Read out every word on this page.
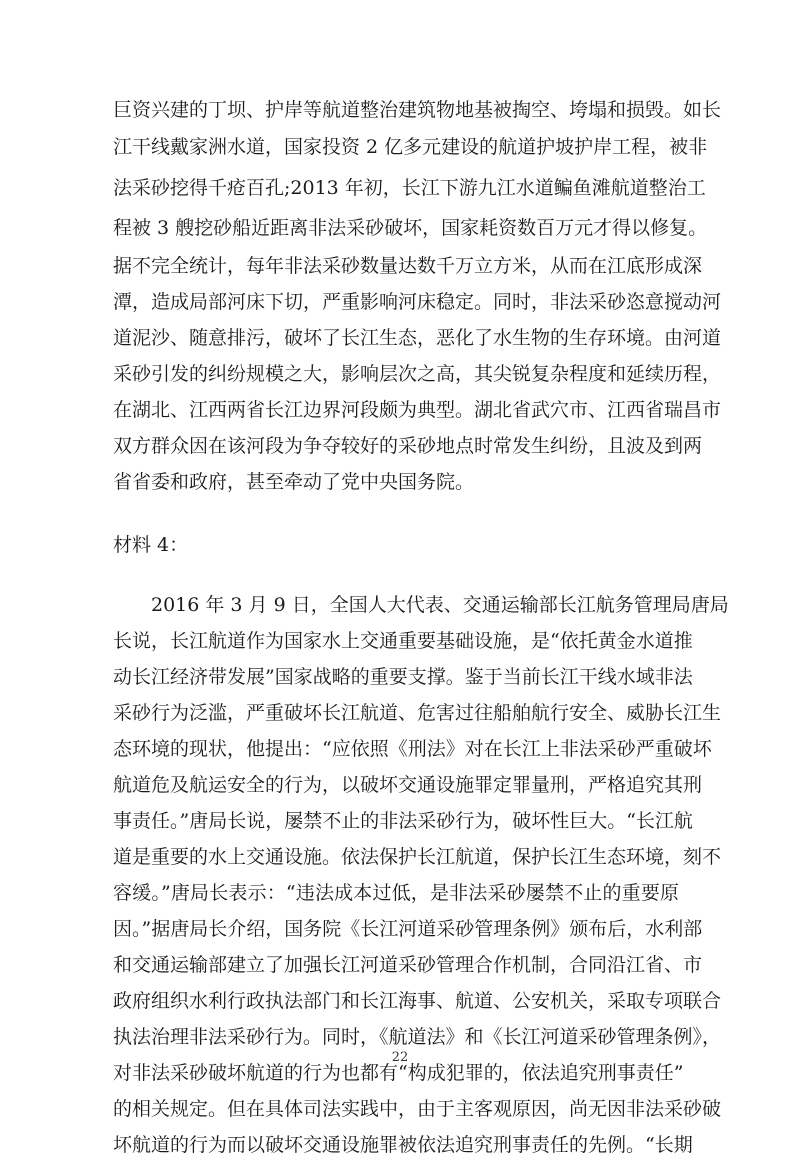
巨资兴建的丁坝、护岸等航道整治建筑物地基被掏空、垮塌和损毁。如长
江干线戴家洲水道，国家投资 2 亿多元建设的航道护坡护岸工程，被非
法采砂挖得千疮百孔;2013 年初，长江下游九江水道鳊鱼滩航道整治工
程被 3 艘挖砂船近距离非法采砂破坏，国家耗资数百万元才得以修复。
据不完全统计，每年非法采砂数量达数千万立方米，从而在江底形成深
潭，造成局部河床下切，严重影响河床稳定。同时，非法采砂恣意搅动河
道泥沙、随意排污，破坏了长江生态，恶化了水生物的生存环境。由河道
采砂引发的纠纷规模之大，影响层次之高，其尖锐复杂程度和延续历程，
在湖北、江西两省长江边界河段颇为典型。湖北省武穴市、江西省瑞昌市
双方群众因在该河段为争夺较好的采砂地点时常发生纠纷，且波及到两
省省委和政府，甚至牵动了党中央国务院。
材料 4：
2016 年 3 月 9 日，全国人大代表、交通运输部长江航务管理局唐局
长说，长江航道作为国家水上交通重要基础设施，是“依托黄金水道推
动长江经济带发展”国家战略的重要支撑。鉴于当前长江干线水域非法
采砂行为泛滥，严重破坏长江航道、危害过往船舶航行安全、威胁长江生
态环境的现状，他提出：“应依照《刑法》对在长江上非法采砂严重破坏
航道危及航运安全的行为，以破坏交通设施罪定罪量刑，严格追究其刑
事责任。”唐局长说，屡禁不止的非法采砂行为，破坏性巨大。“长江航
道是重要的水上交通设施。依法保护长江航道，保护长江生态环境，刻不
容缓。”唐局长表示：“违法成本过低，是非法采砂屡禁不止的重要原
因。”据唐局长介绍，国务院《长江河道采砂管理条例》颁布后，水利部
和交通运输部建立了加强长江河道采砂管理合作机制，合同沿江省、市
政府组织水利行政执法部门和长江海事、航道、公安机关，采取专项联合
执法治理非法采砂行为。同时，《航道法》和《长江河道采砂管理条例》，
对非法采砂破坏航道的行为也都有“构成犯罪的，依法追究刑事责任”
的相关规定。但在具体司法实践中，由于主客观原因，尚无因非法采砂破
坏航道的行为而以破坏交通设施罪被依法追究刑事责任的先例。“长期
22
